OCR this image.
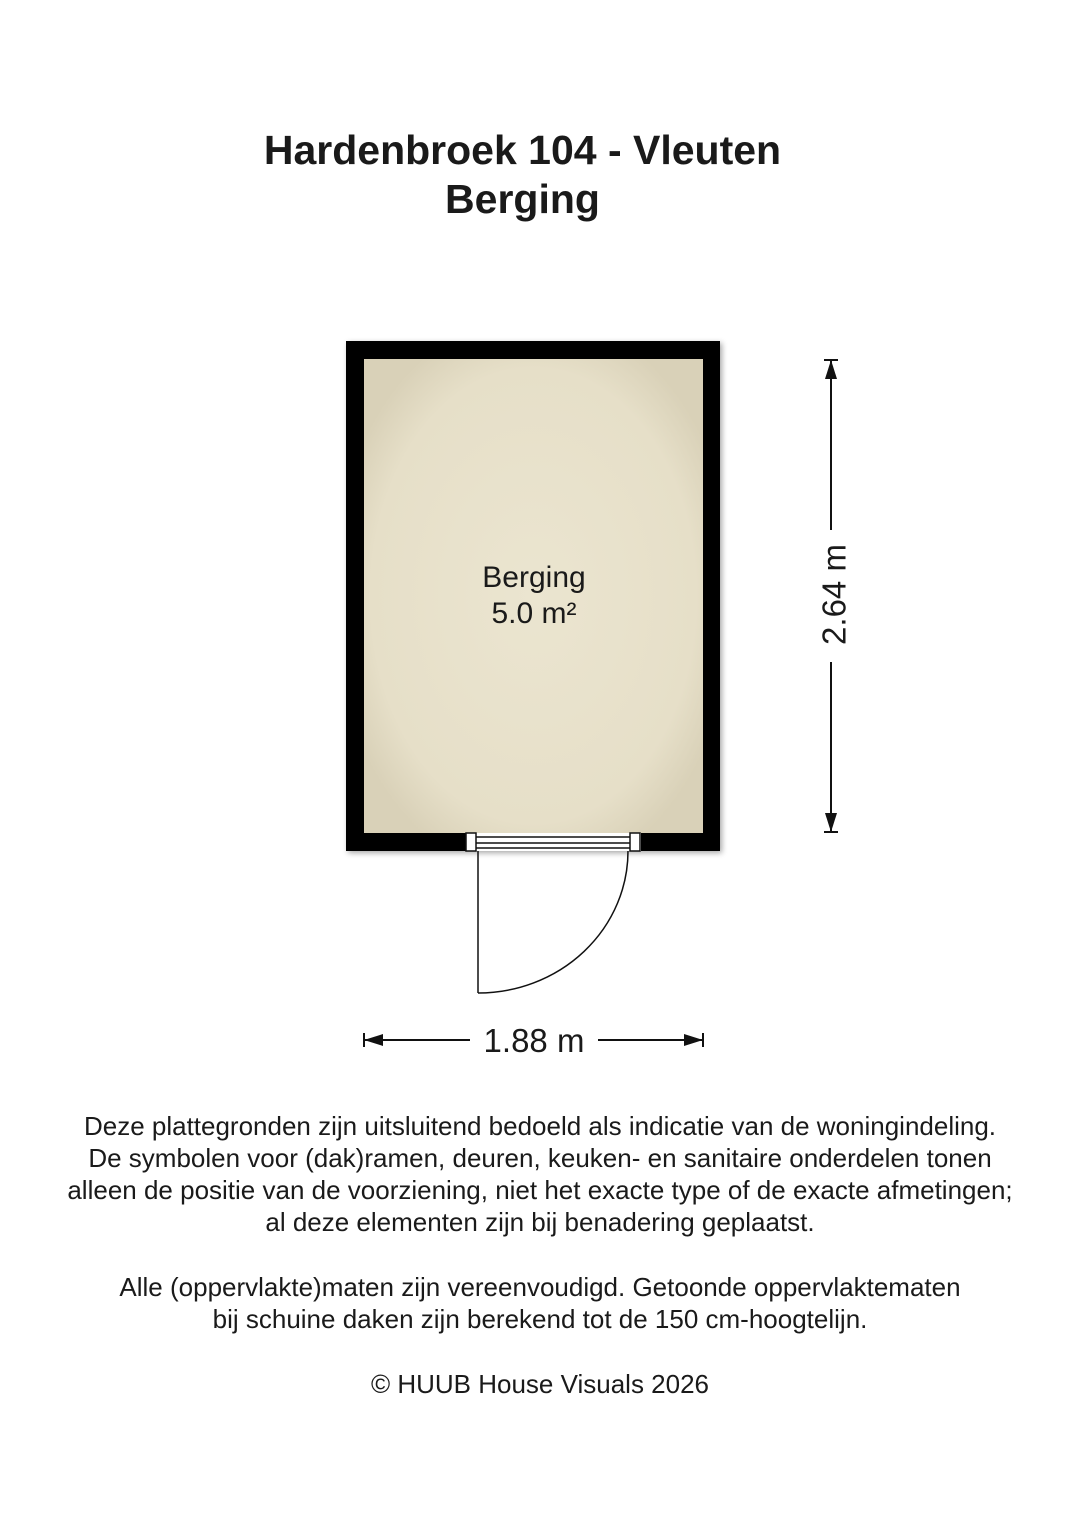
Hardenbroek 104 - Vleuten
Berging
Berging
5.0 m²
1.88 m
2.64 m
Deze plattegronden zijn uitsluitend bedoeld als indicatie van de woningindeling.
De symbolen voor (dak)ramen, deuren, keuken- en sanitaire onderdelen tonen
alleen de positie van de voorziening, niet het exacte type of de exacte afmetingen;
al deze elementen zijn bij benadering geplaatst.
Alle (oppervlakte)maten zijn vereenvoudigd. Getoonde oppervlaktematen
bij schuine daken zijn berekend tot de 150 cm-hoogtelijn.
© HUUB House Visuals 2026
